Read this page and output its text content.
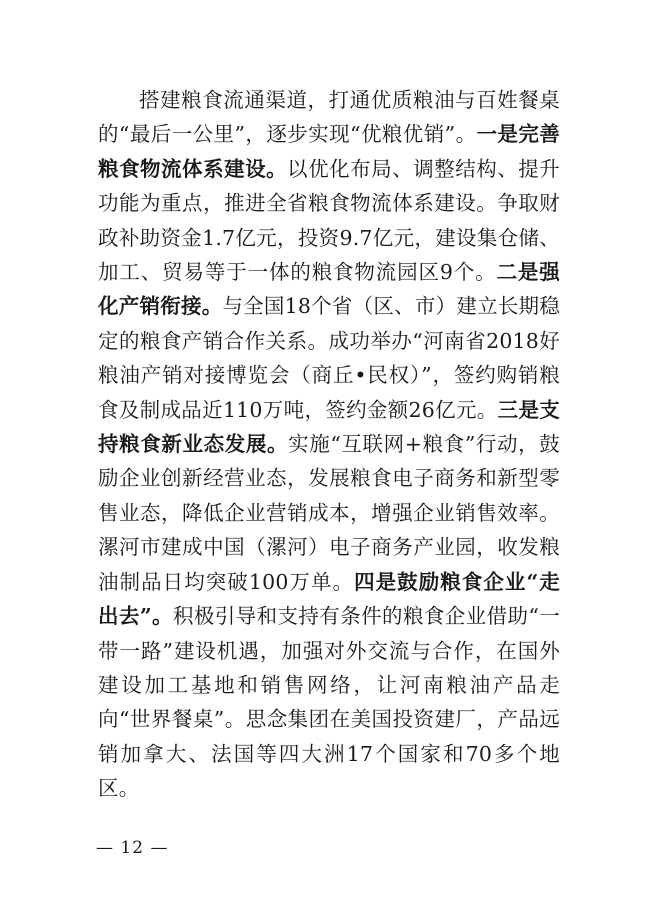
搭建粮食流通渠道，打通优质粮油与百姓餐桌的“最后一公里”，逐步实现“优粮优销”。一是完善粮食物流体系建设。以优化布局、调整结构、提升功能为重点，推进全省粮食物流体系建设。争取财政补助资金1.7亿元，投资9.7亿元，建设集仓储、加工、贸易等于一体的粮食物流园区9个。二是强化产销衔接。与全国18个省（区、市）建立长期稳定的粮食产销合作关系。成功举办“河南省2018好粮油产销对接博览会（商丘•民权）”，签约购销粮食及制成品近110万吨，签约金额26亿元。三是支持粮食新业态发展。实施“互联网+粮食”行动，鼓励企业创新经营业态，发展粮食电子商务和新型零售业态，降低企业营销成本，增强企业销售效率。漯河市建成中国（漯河）电子商务产业园，收发粮油制品日均突破100万单。四是鼓励粮食企业“走出去”。积极引导和支持有条件的粮食企业借助“一带一路”建设机遇，加强对外交流与合作，在国外建设加工基地和销售网络，让河南粮油产品走向“世界餐桌”。思念集团在美国投资建厂，产品远销加拿大、法国等四大洲17个国家和70多个地区。

— 12 —
